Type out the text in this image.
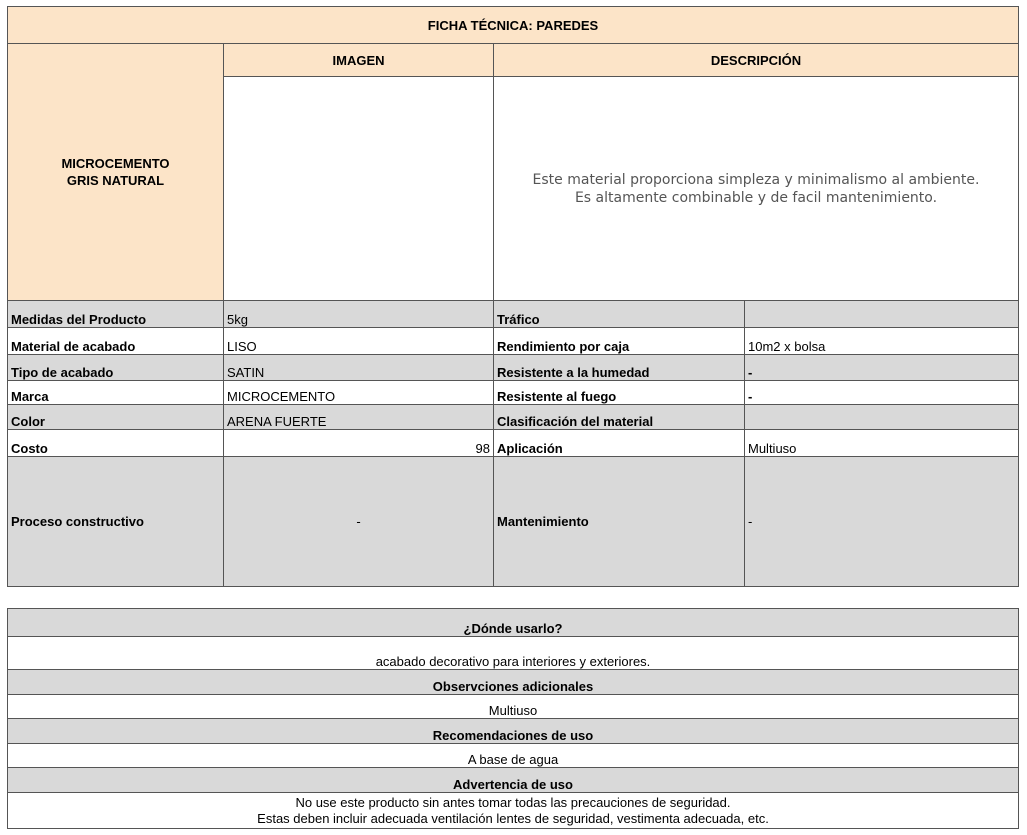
FICHA TÉCNICA: PAREDES			
MICROCEMENTO
GRIS NATURAL	IMAGEN	DESCRIPCIÓN	
		Este material proporciona simpleza y minimalismo al ambiente.
Es altamente combinable y de facil mantenimiento.	
Medidas del Producto	5kg	Tráfico	
Material de acabado	LISO	Rendimiento por caja	10m2 x bolsa
Tipo de acabado	SATIN	Resistente a la humedad	-
Marca	MICROCEMENTO	Resistente al fuego	-
Color	ARENA FUERTE	Clasificación del material	
Costo	98	Aplicación	Multiuso
Proceso constructivo	-	Mantenimiento	-
¿Dónde usarlo?
acabado decorativo para interiores y exteriores.
Observciones adicionales
Multiuso
Recomendaciones de uso
A base de agua
Advertencia de uso
No use este producto sin antes tomar todas las precauciones de seguridad.
Estas deben incluir adecuada ventilación lentes de seguridad, vestimenta adecuada, etc.
